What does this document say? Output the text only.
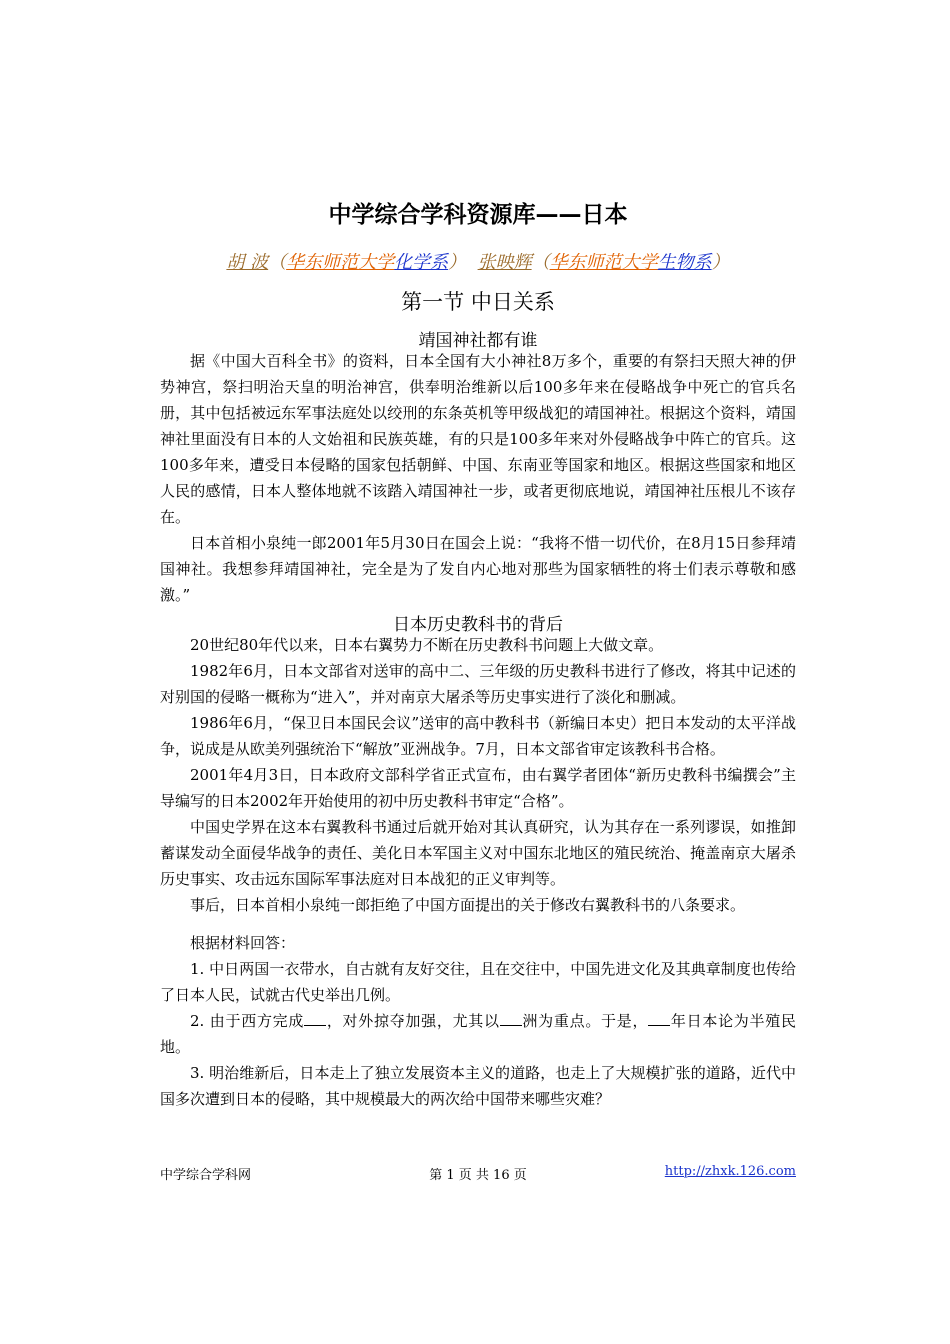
中学综合学科资源库——日本
胡 波（华东师范大学化学系） 张映辉（华东师范大学生物系）
第一节 中日关系
靖国神社都有谁

据《中国大百科全书》的资料，日本全国有大小神社8万多个，重要的有祭扫天照大神的伊势神宫，祭扫明治天皇的明治神宫，供奉明治维新以后100多年来在侵略战争中死亡的官兵名册，其中包括被远东军事法庭处以绞刑的东条英机等甲级战犯的靖国神社。根据这个资料，靖国神社里面没有日本的人文始祖和民族英雄，有的只是100多年来对外侵略战争中阵亡的官兵。这100多年来，遭受日本侵略的国家包括朝鲜、中国、东南亚等国家和地区。根据这些国家和地区人民的感情，日本人整体地就不该踏入靖国神社一步，或者更彻底地说，靖国神社压根儿不该存在。

日本首相小泉纯一郎2001年5月30日在国会上说：“我将不惜一切代价，在8月15日参拜靖国神社。我想参拜靖国神社，完全是为了发自内心地对那些为国家牺牲的将士们表示尊敬和感激。”

日本历史教科书的背后

20世纪80年代以来，日本右翼势力不断在历史教科书问题上大做文章。

1982年6月，日本文部省对送审的高中二、三年级的历史教科书进行了修改，将其中记述的对别国的侵略一概称为“进入”，并对南京大屠杀等历史事实进行了淡化和删减。

1986年6月，“保卫日本国民会议”送审的高中教科书（新编日本史）把日本发动的太平洋战争，说成是从欧美列强统治下“解放”亚洲战争。7月，日本文部省审定该教科书合格。

2001年4月3日，日本政府文部科学省正式宣布，由右翼学者团体“新历史教科书编撰会”主导编写的日本2002年开始使用的初中历史教科书审定“合格”。

中国史学界在这本右翼教科书通过后就开始对其认真研究，认为其存在一系列谬误，如推卸蓄谋发动全面侵华战争的责任、美化日本军国主义对中国东北地区的殖民统治、掩盖南京大屠杀历史事实、攻击远东国际军事法庭对日本战犯的正义审判等。

事后，日本首相小泉纯一郎拒绝了中国方面提出的关于修改右翼教科书的八条要求。

根据材料回答：

1. 中日两国一衣带水，自古就有友好交往，且在交往中，中国先进文化及其典章制度也传给了日本人民，试就古代史举出几例。

2. 由于西方完成 ，对外掠夺加强，尤其以 洲为重点。于是， 年日本论为半殖民地。

3. 明治维新后，日本走上了独立发展资本主义的道路，也走上了大规模扩张的道路，近代中国多次遭到日本的侵略，其中规模最大的两次给中国带来哪些灾难？

中学综合学科网	第 1 页 共 16 页	http://zhxk.126.com
